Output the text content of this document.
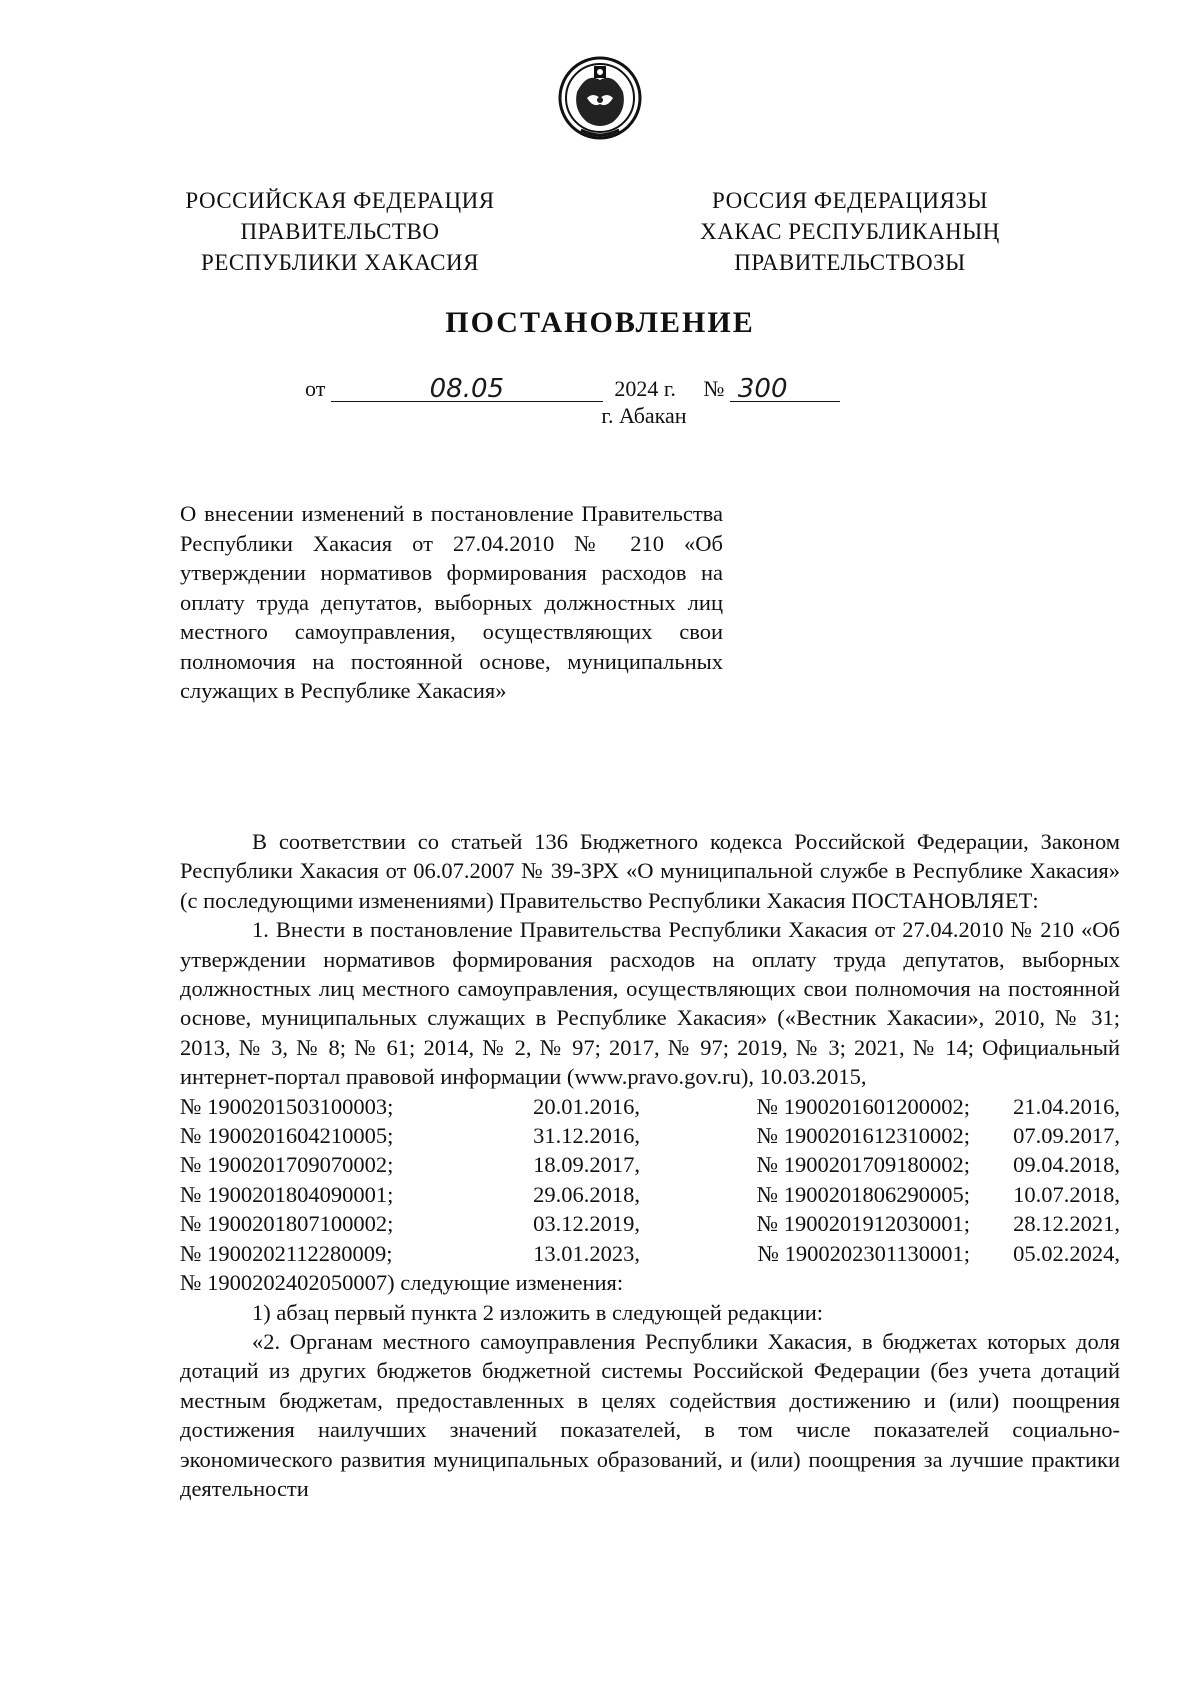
РОССИЙСКАЯ ФЕДЕРАЦИЯ
ПРАВИТЕЛЬСТВО
РЕСПУБЛИКИ ХАКАСИЯ
РОССИЯ ФЕДЕРАЦИЯЗЫ
ХАКАС РЕСПУБЛИКАНЫҢ
ПРАВИТЕЛЬСТВОЗЫ
ПОСТАНОВЛЕНИЕ
от	08.05	2024 г. № 300
г. Абакан
О внесении изменений в постановление Правительства Республики Хакасия от 27.04.2010 № 210 «Об утверждении нормативов формирования расходов на оплату труда депутатов, выборных должностных лиц местного самоуправления, осуществляющих свои полномочия на постоянной основе, муниципальных служащих в Республике Хакасия»

В соответствии со статьей 136 Бюджетного кодекса Российской Федерации, Законом Республики Хакасия от 06.07.2007 № 39-ЗРХ «О муниципальной службе в Республике Хакасия» (с последующими изменениями) Правительство Республики Хакасия ПОСТАНОВЛЯЕТ:

1. Внести в постановление Правительства Республики Хакасия от 27.04.2010 № 210 «Об утверждении нормативов формирования расходов на оплату труда депутатов, выборных должностных лиц местного самоуправления, осуществляющих свои полномочия на постоянной основе, муниципальных служащих в Республике Хакасия» («Вестник Хакасии», 2010, № 31; 2013, № 3, № 8; № 61; 2014, № 2, № 97; 2017, № 97; 2019, № 3; 2021, № 14; Официальный интернет-портал правовой информации (www.pravo.gov.ru), 10.03.2015,

№ 1900201503100003;	20.01.2016,	№ 1900201601200002;	21.04.2016,
№ 1900201604210005;	31.12.2016,	№ 1900201612310002;	07.09.2017,
№ 1900201709070002;	18.09.2017,	№ 1900201709180002;	09.04.2018,
№ 1900201804090001;	29.06.2018,	№ 1900201806290005;	10.07.2018,
№ 1900201807100002;	03.12.2019,	№ 1900201912030001;	28.12.2021,
№ 1900202112280009;	13.01.2023,	№ 1900202301130001;	05.02.2024,

№ 1900202402050007) следующие изменения:

1) абзац первый пункта 2 изложить в следующей редакции:

«2. Органам местного самоуправления Республики Хакасия, в бюджетах которых доля дотаций из других бюджетов бюджетной системы Российской Федерации (без учета дотаций местным бюджетам, предоставленных в целях содействия достижению и (или) поощрения достижения наилучших значений показателей, в том числе показателей социально-экономического развития муниципальных образований, и (или) поощрения за лучшие практики деятельности
